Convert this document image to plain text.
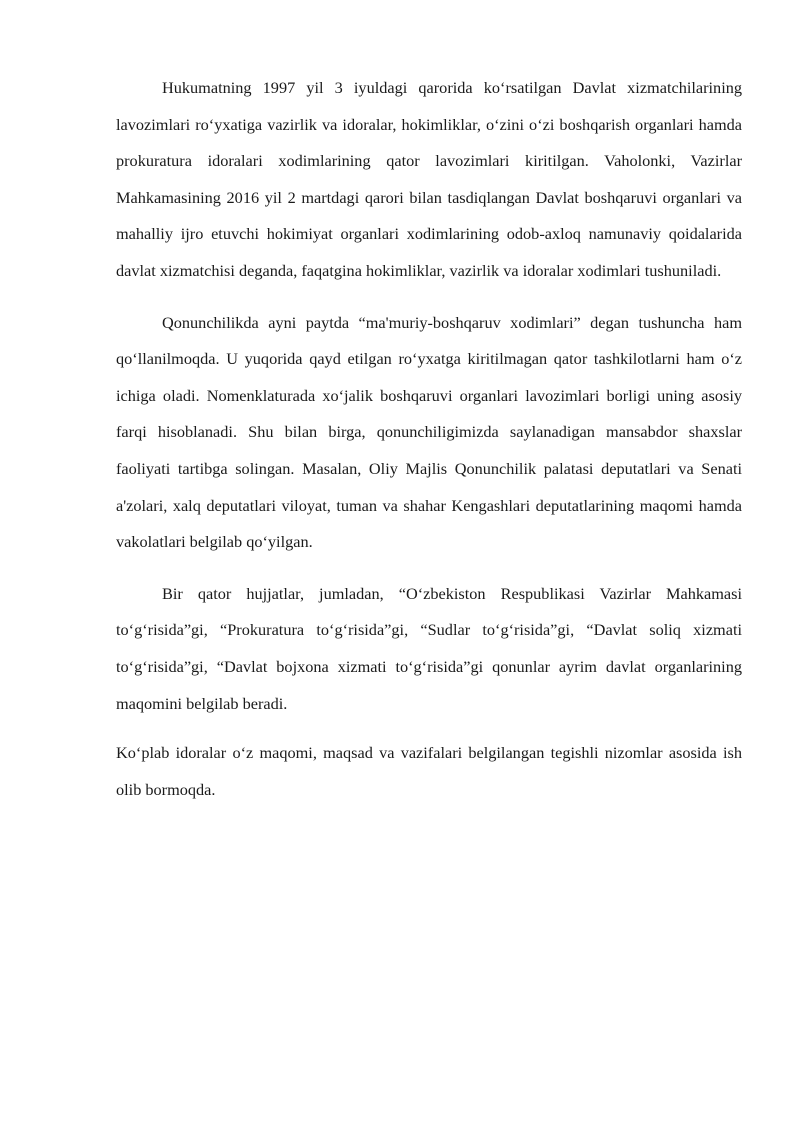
Hukumatning 1997 yil 3 iyuldagi qarorida ko‘rsatilgan Davlat xizmatchilarining lavozimlari ro‘yxatiga vazirlik va idoralar, hokimliklar, o‘zini o‘zi boshqarish organlari hamda prokuratura idoralari xodimlarining qator lavozimlari kiritilgan. Vaholonki, Vazirlar Mahkamasining 2016 yil 2 martdagi qarori bilan tasdiqlangan Davlat boshqaruvi organlari va mahalliy ijro etuvchi hokimiyat organlari xodimlarining odob-axloq namunaviy qoidalarida davlat xizmatchisi deganda, faqatgina hokimliklar, vazirlik va idoralar xodimlari tushuniladi.

Qonunchilikda ayni paytda “ma'muriy-boshqaruv xodimlari” degan tushuncha ham qo‘llanilmoqda. U yuqorida qayd etilgan ro‘yxatga kiritilmagan qator tashkilotlarni ham o‘z ichiga oladi. Nomenklaturada xo‘jalik boshqaruvi organlari lavozimlari borligi uning asosiy farqi hisoblanadi. Shu bilan birga, qonunchiligimizda saylanadigan mansabdor shaxslar faoliyati tartibga solingan. Masalan, Oliy Majlis Qonunchilik palatasi deputatlari va Senati a'zolari, xalq deputatlari viloyat, tuman va shahar Kengashlari deputatlarining maqomi hamda vakolatlari belgilab qo‘yilgan.

Bir qator hujjatlar, jumladan, “O‘zbekiston Respublikasi Vazirlar Mahkamasi to‘g‘risida”gi, “Prokuratura to‘g‘risida”gi, “Sudlar to‘g‘risida”gi, “Davlat soliq xizmati to‘g‘risida”gi, “Davlat bojxona xizmati to‘g‘risida”gi qonunlar ayrim davlat organlarining maqomini belgilab beradi.

Ko‘plab idoralar o‘z maqomi, maqsad va vazifalari belgilangan tegishli nizomlar asosida ish olib bormoqda.
